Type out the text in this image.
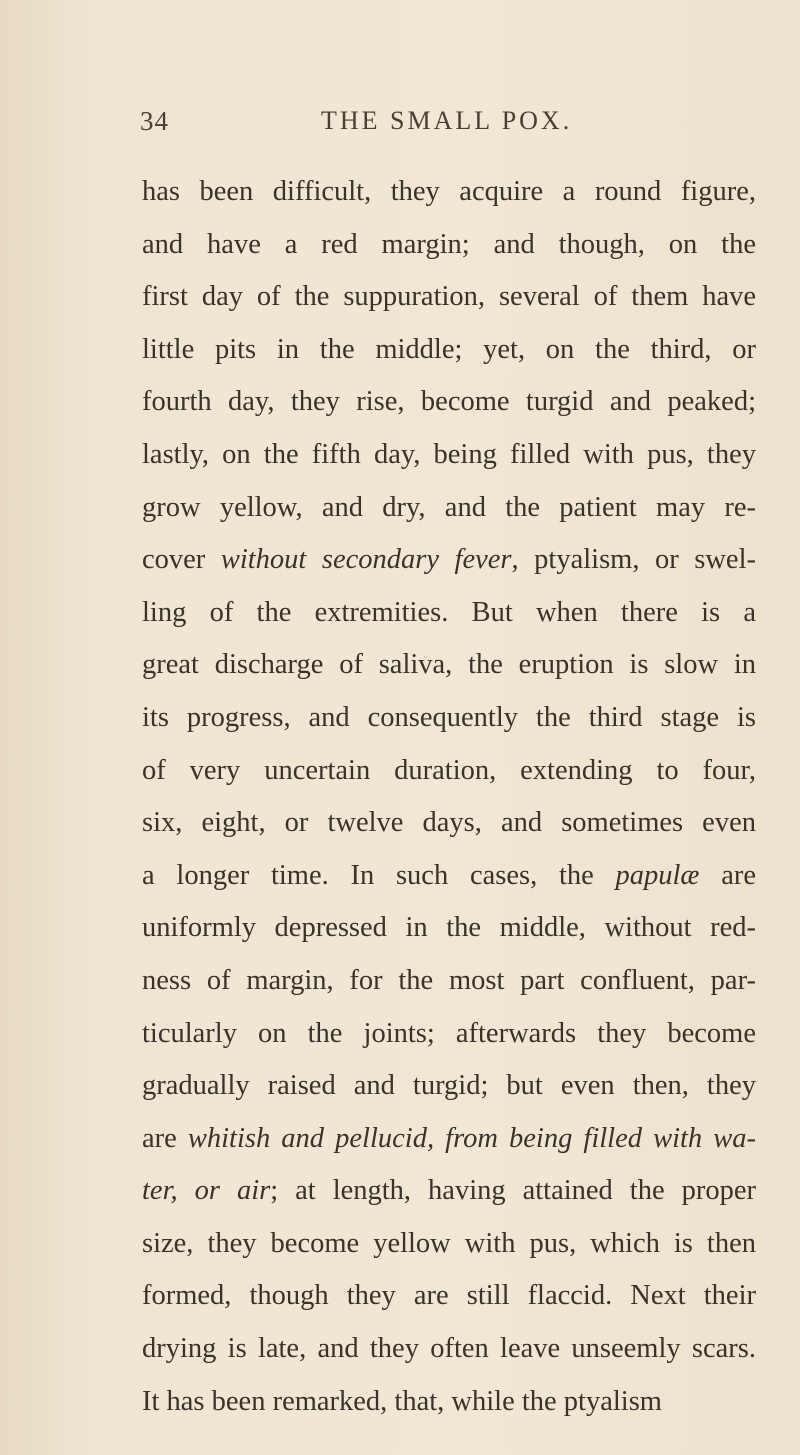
34	THE SMALL POX.
has been difficult, they acquire a round figure,
and have a red margin; and though, on the
first day of the suppuration, several of them have
little pits in the middle; yet, on the third, or
fourth day, they rise, become turgid and peaked;
lastly, on the fifth day, being filled with pus, they
grow yellow, and dry, and the patient may re-
cover without secondary fever, ptyalism, or swel-
ling of the extremities. But when there is a
great discharge of saliva, the eruption is slow in
its progress, and consequently the third stage is
of very uncertain duration, extending to four,
six, eight, or twelve days, and sometimes even
a longer time. In such cases, the papulæ are
uniformly depressed in the middle, without red-
ness of margin, for the most part confluent, par-
ticularly on the joints; afterwards they become
gradually raised and turgid; but even then, they
are whitish and pellucid, from being filled with wa-
ter, or air; at length, having attained the proper
size, they become yellow with pus, which is then
formed, though they are still flaccid. Next their
drying is late, and they often leave unseemly scars.
It has been remarked, that, while the ptyalism
